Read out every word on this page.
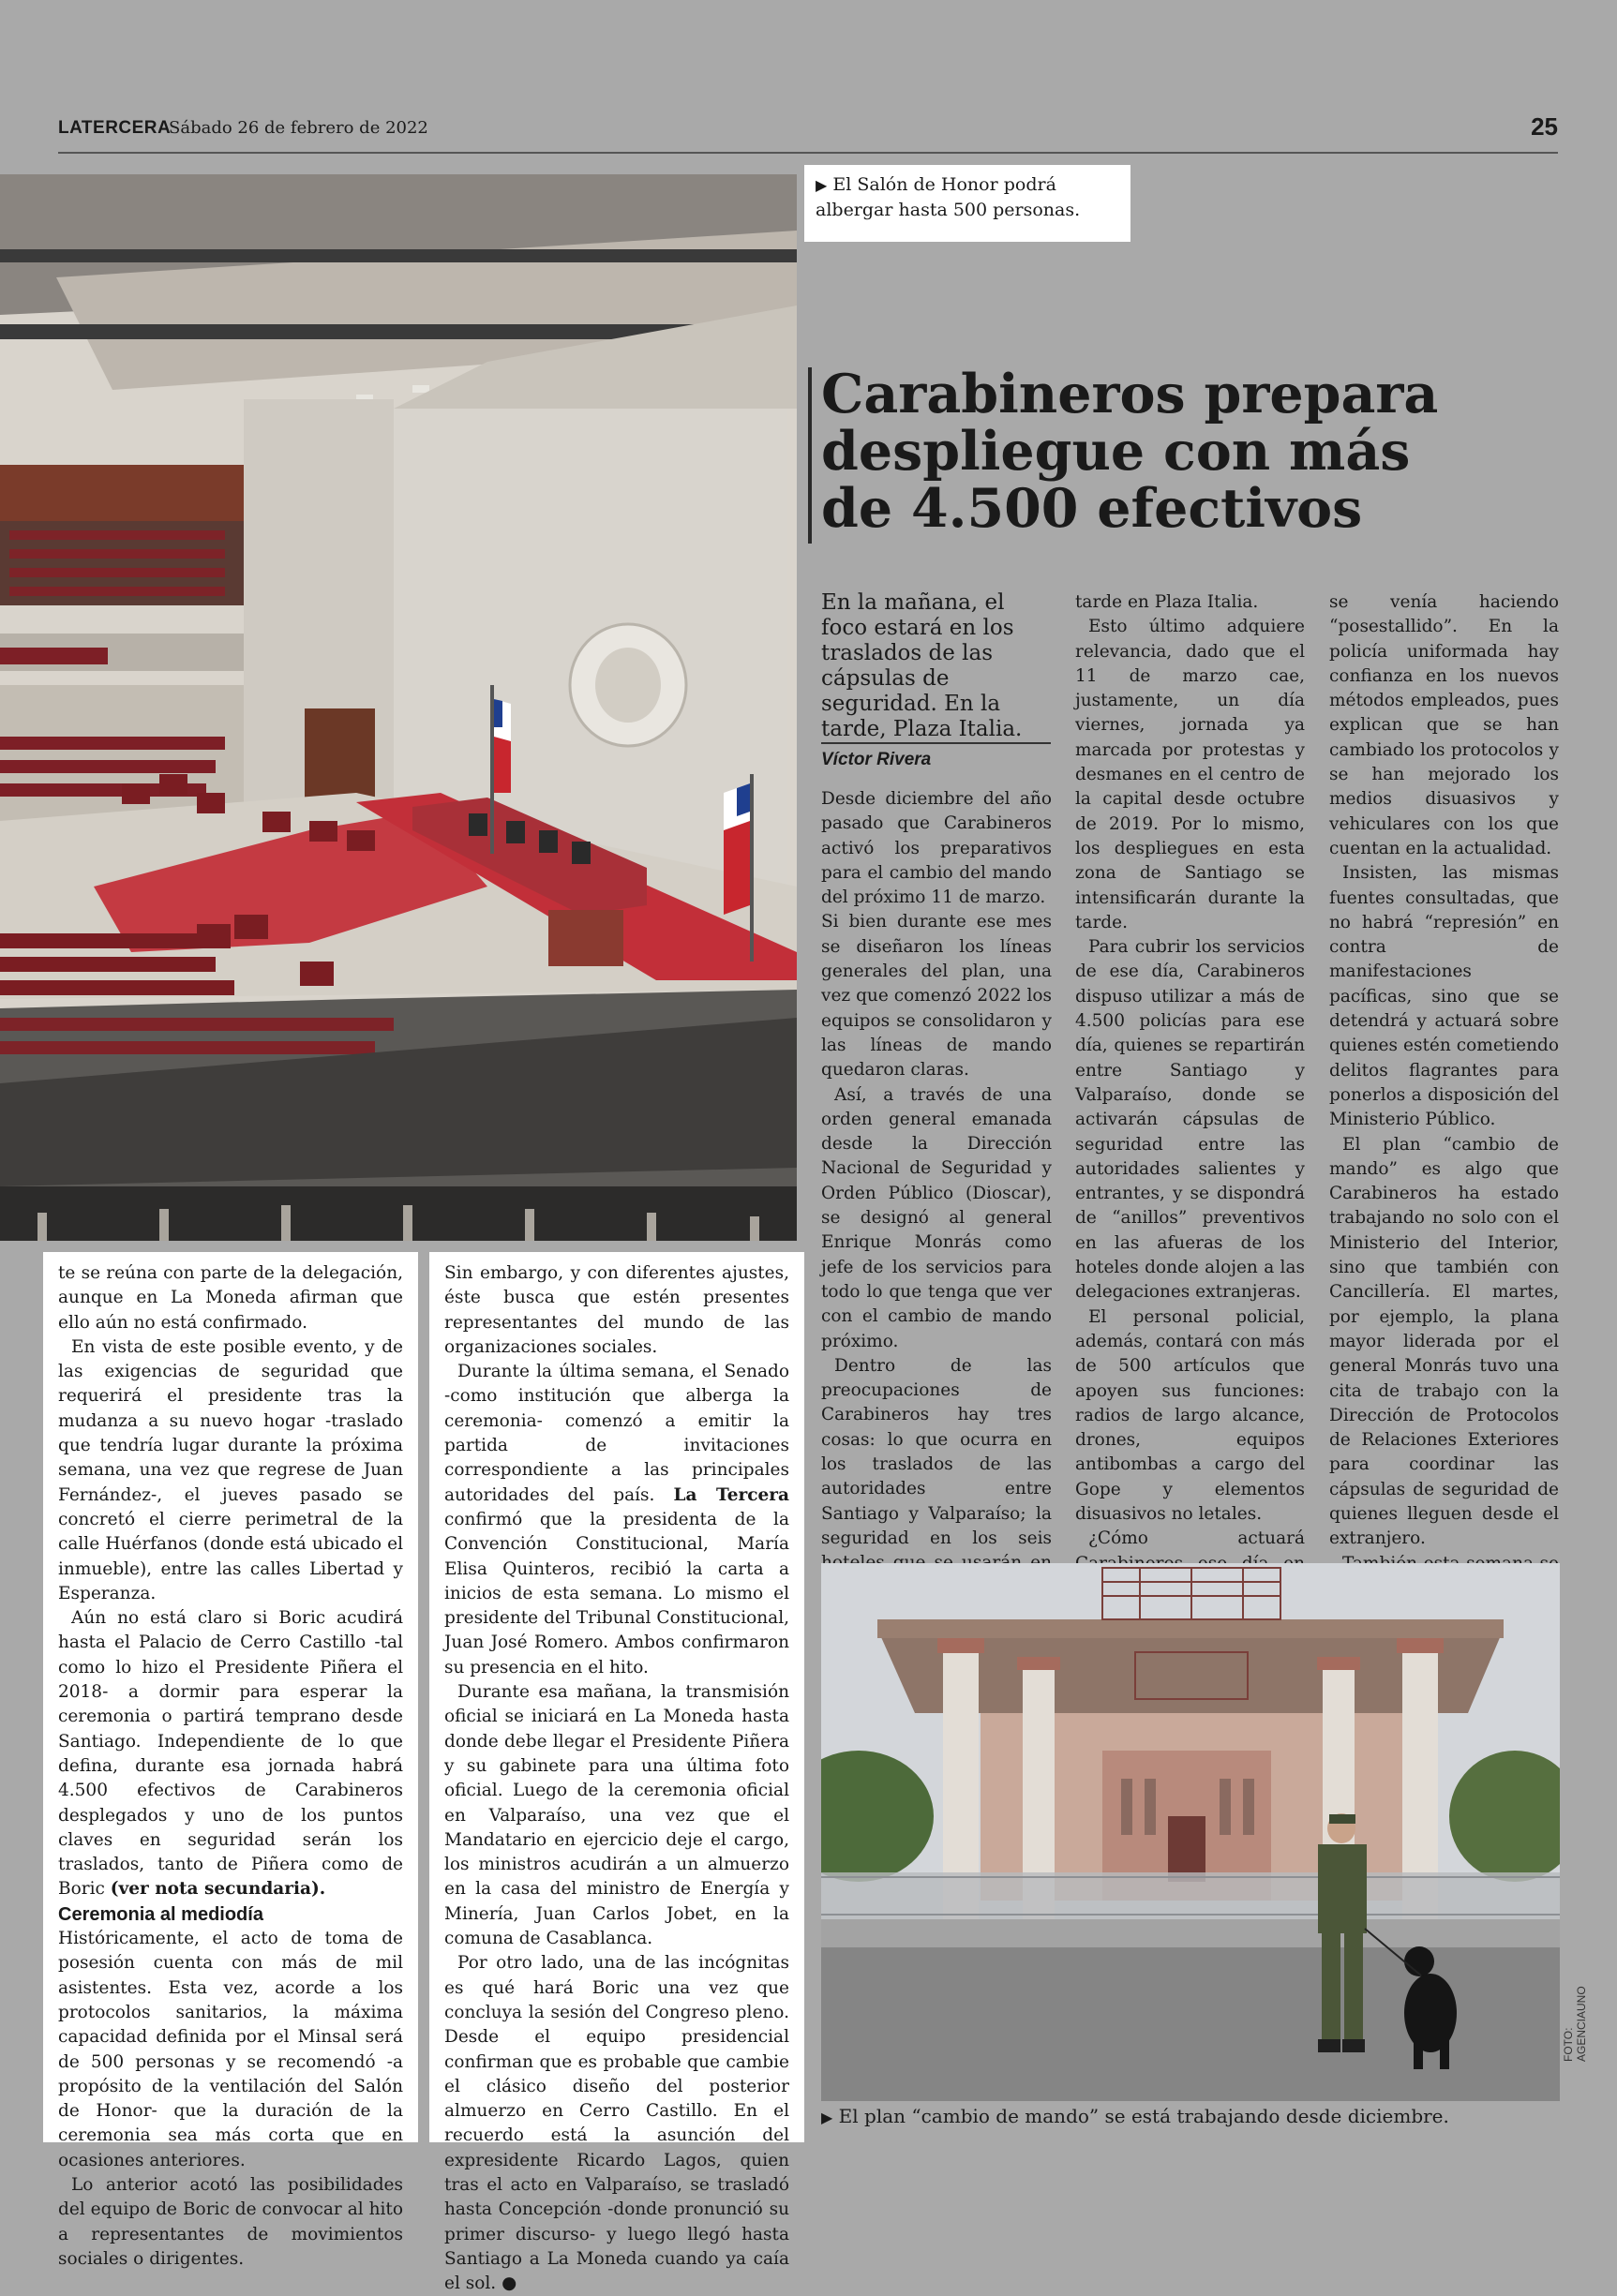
LATERCERA
Sábado 26 de febrero de 2022	25
▶ El Salón de Honor podrá albergar hasta 500 personas.
Carabineros prepara
despliegue con más
de 4.500 efectivos
En la mañana, el foco estará en los traslados de las cápsulas de seguridad. En la tarde, Plaza Italia.
Víctor Rivera

Desde diciembre del año pasado que Carabineros activó los preparativos para el cambio del mando del próximo 11 de marzo.

Si bien durante ese mes se diseñaron los líneas generales del plan, una vez que comenzó 2022 los equipos se consolidaron y las líneas de mando quedaron claras.

Así, a través de una orden general emanada desde la Dirección Nacional de Seguridad y Orden Público (Dioscar), se designó al general Enrique Monrás como jefe de los servicios para todo lo que tenga que ver con el cambio de mando próximo.

Dentro de las preocupaciones de Carabineros hay tres cosas: lo que ocurra en los traslados de las autoridades entre Santiago y Valparaíso; la seguridad en los seis

tarde en Plaza Italia.

Esto último adquiere relevancia, dado que el 11 de marzo cae, justamente, un día viernes, jornada ya marcada por protestas y desmanes en el centro de la capital desde octubre de 2019. Por lo mismo, los despliegues en esta zona de Santiago se intensificarán durante la tarde.

Para cubrir los servicios de ese día, Carabineros dispuso utilizar a más de 4.500 policías para ese día, quienes se repartirán entre Santiago y Valparaíso, donde se activarán cápsulas de seguridad entre las autoridades salientes y entrantes, y se dispondrá de “anillos” preventivos en las afueras de los hoteles donde alojen a las delegaciones extranjeras.

El personal policial, además, contará con más de 500 artículos que apoyen sus funciones: radios de largo alcance, drones, equipos antibombas a cargo del Gope y elementos disuasivos no letales.

¿Cómo actuará

se venía haciendo “posestallido”. En la policía uniformada hay confianza en los nuevos métodos empleados, pues explican que se han cambiado los protocolos y se han mejorado los medios disuasivos y vehiculares con los que cuentan en la actualidad.

Insisten, las mismas fuentes consultadas, que no habrá “represión” en contra de manifestaciones pacíficas, sino que se detendrá y actuará sobre quienes estén cometiendo delitos flagrantes para ponerlos a disposición del Ministerio Público.

El plan “cambio de mando” es algo que Carabineros ha estado trabajando no solo con el Ministerio del Interior, sino que también con Cancillería. El martes, por ejemplo, la plana mayor liderada por el general Monrás tuvo una cita de trabajo con la Dirección de Protocolos de Relaciones Exteriores para coordinar las cápsulas de seguridad de quienes lleguen desde el extranjero.

te se reúna con parte de la delegación, aunque en La Moneda afirman que ello aún no está confirmado.

En vista de este posible evento, y de las exigencias de seguridad que requerirá el presidente tras la mudanza a su nuevo hogar -traslado que tendría lugar durante la próxima semana, una vez que regrese de Juan Fernández-, el jueves pasado se concretó el cierre perimetral de la calle Huérfanos (donde está ubicado el inmueble), entre las calles Libertad y Esperanza.

Aún no está claro si Boric acudirá hasta el Palacio de Cerro Castillo -tal como lo hizo el Presidente Piñera el 2018- a dormir para esperar la ceremonia o partirá temprano desde Santiago. Independiente de lo que defina, durante esa jornada habrá 4.500 efectivos de Carabineros desplegados y uno de los puntos claves en seguridad serán los traslados, tanto de Piñera como de Boric (ver nota secundaria).

Ceremonia al mediodía

Históricamente, el acto de toma de posesión cuenta con más de mil asistentes. Esta vez, acorde a los protocolos sanitarios, la máxima capacidad definida por el Minsal será de 500 personas y se recomendó -a propósito de la ventilación del Salón de Honor- que la duración de la ceremonia sea más corta que en ocasiones anteriores.

Lo anterior acotó las posibilidades del equipo de Boric de convocar al hito a representantes de movimientos sociales o dirigentes.

Sin embargo, y con diferentes ajustes, éste busca que estén presentes representantes del mundo de las organizaciones sociales.

Durante la última semana, el Senado -como institución que alberga la ceremonia- comenzó a emitir la partida de invitaciones correspondiente a las principales autoridades del país. La Tercera confirmó que la presidenta de la Convención Constitucional, María Elisa Quinteros, recibió la carta a inicios de esta semana. Lo mismo el presidente del Tribunal Constitucional, Juan José Romero. Ambos confirmaron su presencia en el hito.

Durante esa mañana, la transmisión oficial se iniciará en La Moneda hasta donde debe llegar el Presidente Piñera y su gabinete para una última foto oficial. Luego de la ceremonia oficial en Valparaíso, una vez que el Mandatario en ejercicio deje el cargo, los ministros acudirán a un almuerzo en la casa del ministro de Energía y Minería, Juan Carlos Jobet, en la comuna de Casablanca.

Por otro lado, una de las incógnitas es qué hará Boric una vez que concluya la sesión del Congreso pleno. Desde el equipo presidencial confirman que es probable que cambie el clásico diseño del posterior almuerzo en Cerro Castillo. En el recuerdo está la asunción del expresidente Ricardo Lagos, quien tras el acto en Valparaíso, se trasladó hasta Concepción -donde pronunció su primer discurso- y luego llegó hasta Santiago a La Moneda cuando ya caía el sol. ●

FOTO: AGENCIAUNO
▶ El plan “cambio de mando” se está trabajando desde diciembre.
